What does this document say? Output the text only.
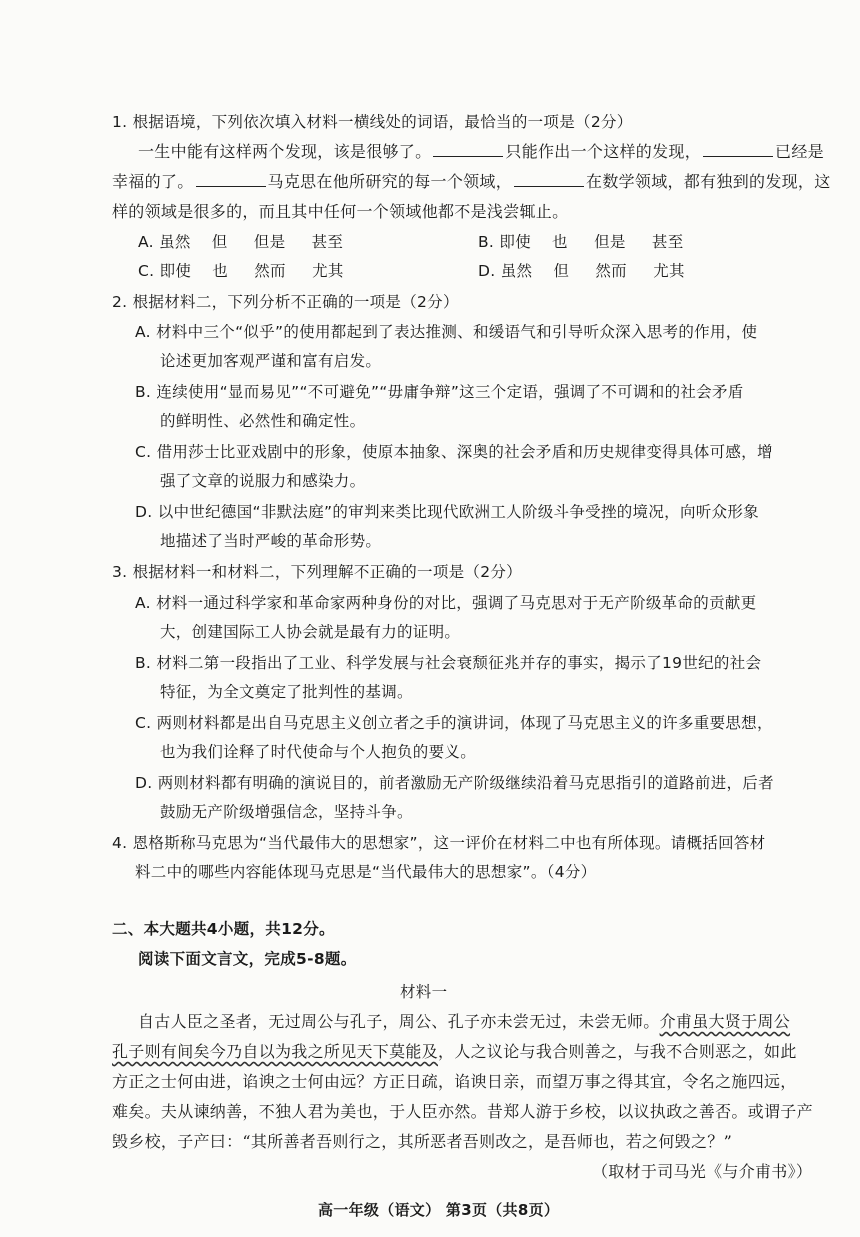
1. 根据语境，下列依次填入材料一横线处的词语，最恰当的一项是（2分）
一生中能有这样两个发现，该是很够了。	只能作出一个这样的发现，	已经是
幸福的了。	马克思在他所研究的每一个领域，	在数学领域，都有独到的发现，这
样的领域是很多的，而且其中任何一个领域他都不是浅尝辄止。
A. 虽然 　但 　 但是 　 甚至	B. 即使 　也 　 但是 　 甚至
C. 即使 　也 　 然而 　 尤其	D. 虽然 　但 　 然而 　 尤其
2. 根据材料二，下列分析不正确的一项是（2分）
A. 材料中三个“似乎”的使用都起到了表达推测、和缓语气和引导听众深入思考的作用，使
论述更加客观严谨和富有启发。
B. 连续使用“显而易见”“不可避免”“毋庸争辩”这三个定语，强调了不可调和的社会矛盾
的鲜明性、必然性和确定性。
C. 借用莎士比亚戏剧中的形象，使原本抽象、深奥的社会矛盾和历史规律变得具体可感，增
强了文章的说服力和感染力。
D. 以中世纪德国“非默法庭”的审判来类比现代欧洲工人阶级斗争受挫的境况，向听众形象
地描述了当时严峻的革命形势。
3. 根据材料一和材料二，下列理解不正确的一项是（2分）
A. 材料一通过科学家和革命家两种身份的对比，强调了马克思对于无产阶级革命的贡献更
大，创建国际工人协会就是最有力的证明。
B. 材料二第一段指出了工业、科学发展与社会衰颓征兆并存的事实，揭示了19世纪的社会
特征，为全文奠定了批判性的基调。
C. 两则材料都是出自马克思主义创立者之手的演讲词，体现了马克思主义的许多重要思想，
也为我们诠释了时代使命与个人抱负的要义。
D. 两则材料都有明确的演说目的，前者激励无产阶级继续沿着马克思指引的道路前进，后者
鼓励无产阶级增强信念，坚持斗争。
4. 恩格斯称马克思为“当代最伟大的思想家”，这一评价在材料二中也有所体现。请概括回答材
料二中的哪些内容能体现马克思是“当代最伟大的思想家”。（4分）
二、本大题共4小题，共12分。
阅读下面文言文，完成5-8题。
材料一
自古人臣之圣者，无过周公与孔子，周公、孔子亦未尝无过，未尝无师。介甫虽大贤于周公
孔子则有间矣今乃自以为我之所见天下莫能及，人之议论与我合则善之，与我不合则恶之，如此
方正之士何由进，谄谀之士何由远？方正日疏，谄谀日亲，而望万事之得其宜，令名之施四远，
难矣。夫从谏纳善，不独人君为美也，于人臣亦然。昔郑人游于乡校，以议执政之善否。或谓子产
毁乡校，子产曰：“其所善者吾则行之，其所恶者吾则改之，是吾师也，若之何毁之？”
（取材于司马光《与介甫书》）
高一年级（语文） 第3页（共8页）
